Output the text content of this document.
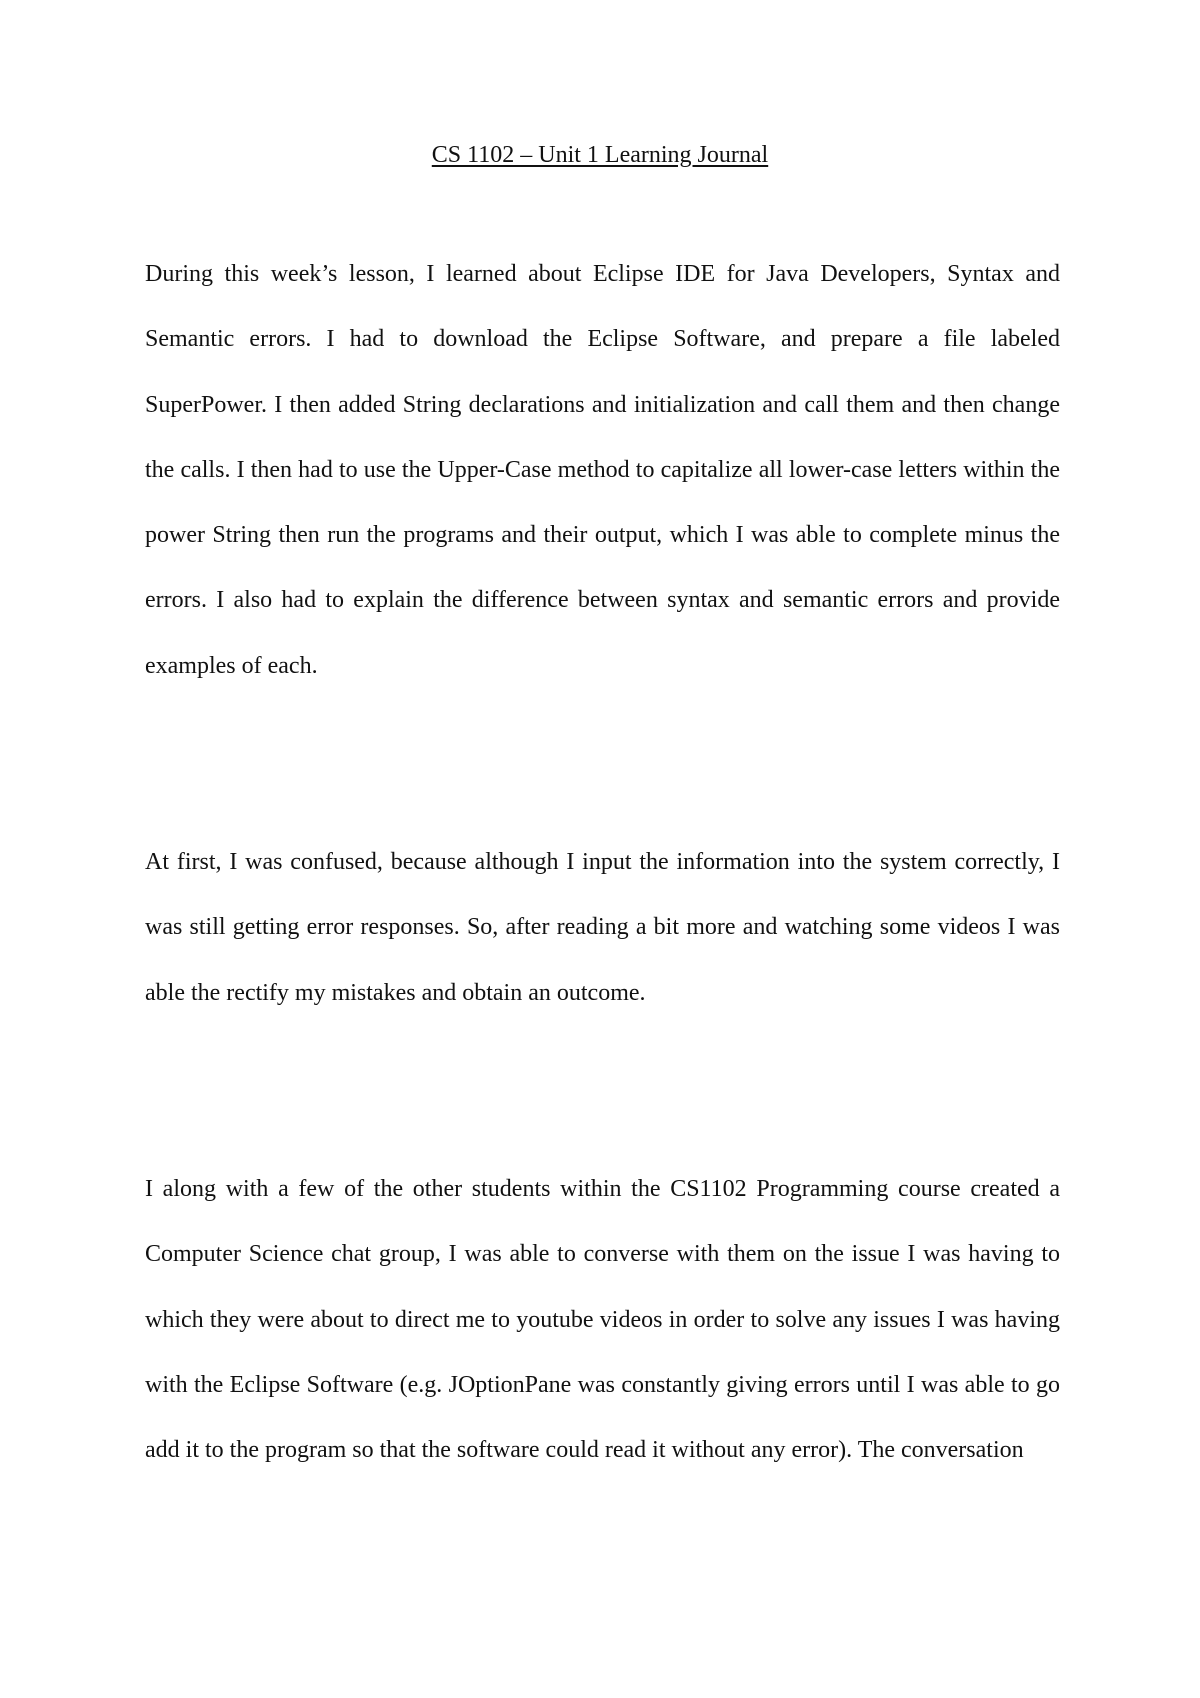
CS 1102 – Unit 1 Learning Journal

During this week’s lesson, I learned about Eclipse IDE for Java Developers, Syntax and Semantic errors. I had to download the Eclipse Software, and prepare a file labeled SuperPower. I then added String declarations and initialization and call them and then change the calls. I then had to use the Upper-Case method to capitalize all lower-case letters within the power String then run the programs and their output, which I was able to complete minus the errors. I also had to explain the difference between syntax and semantic errors and provide examples of each.

At first, I was confused, because although I input the information into the system correctly, I was still getting error responses. So, after reading a bit more and watching some videos I was able the rectify my mistakes and obtain an outcome.

I along with a few of the other students within the CS1102 Programming course created a Computer Science chat group, I was able to converse with them on the issue I was having to which they were about to direct me to youtube videos in order to solve any issues I was having with the Eclipse Software (e.g. JOptionPane was constantly giving errors until I was able to go add it to the program so that the software could read it without any error). The conversation
